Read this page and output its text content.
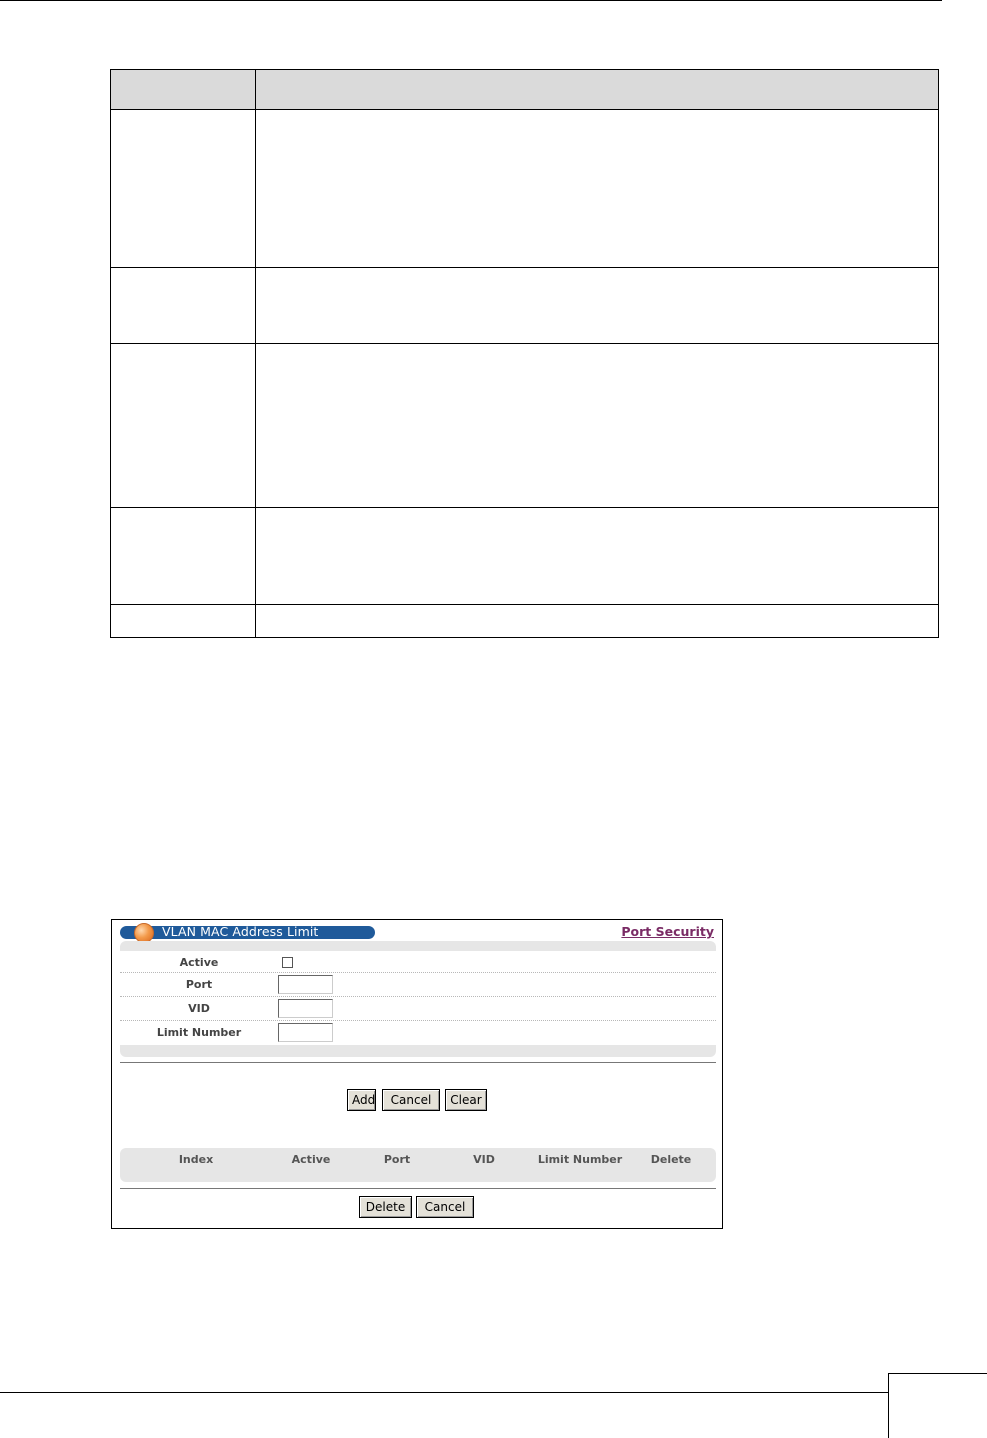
VLAN MAC Address Limit	Port Security
Active
Port
VID
Limit Number
Add	Cancel	Clear
Index	Active	Port	VID	Limit Number	Delete
Delete	Cancel
